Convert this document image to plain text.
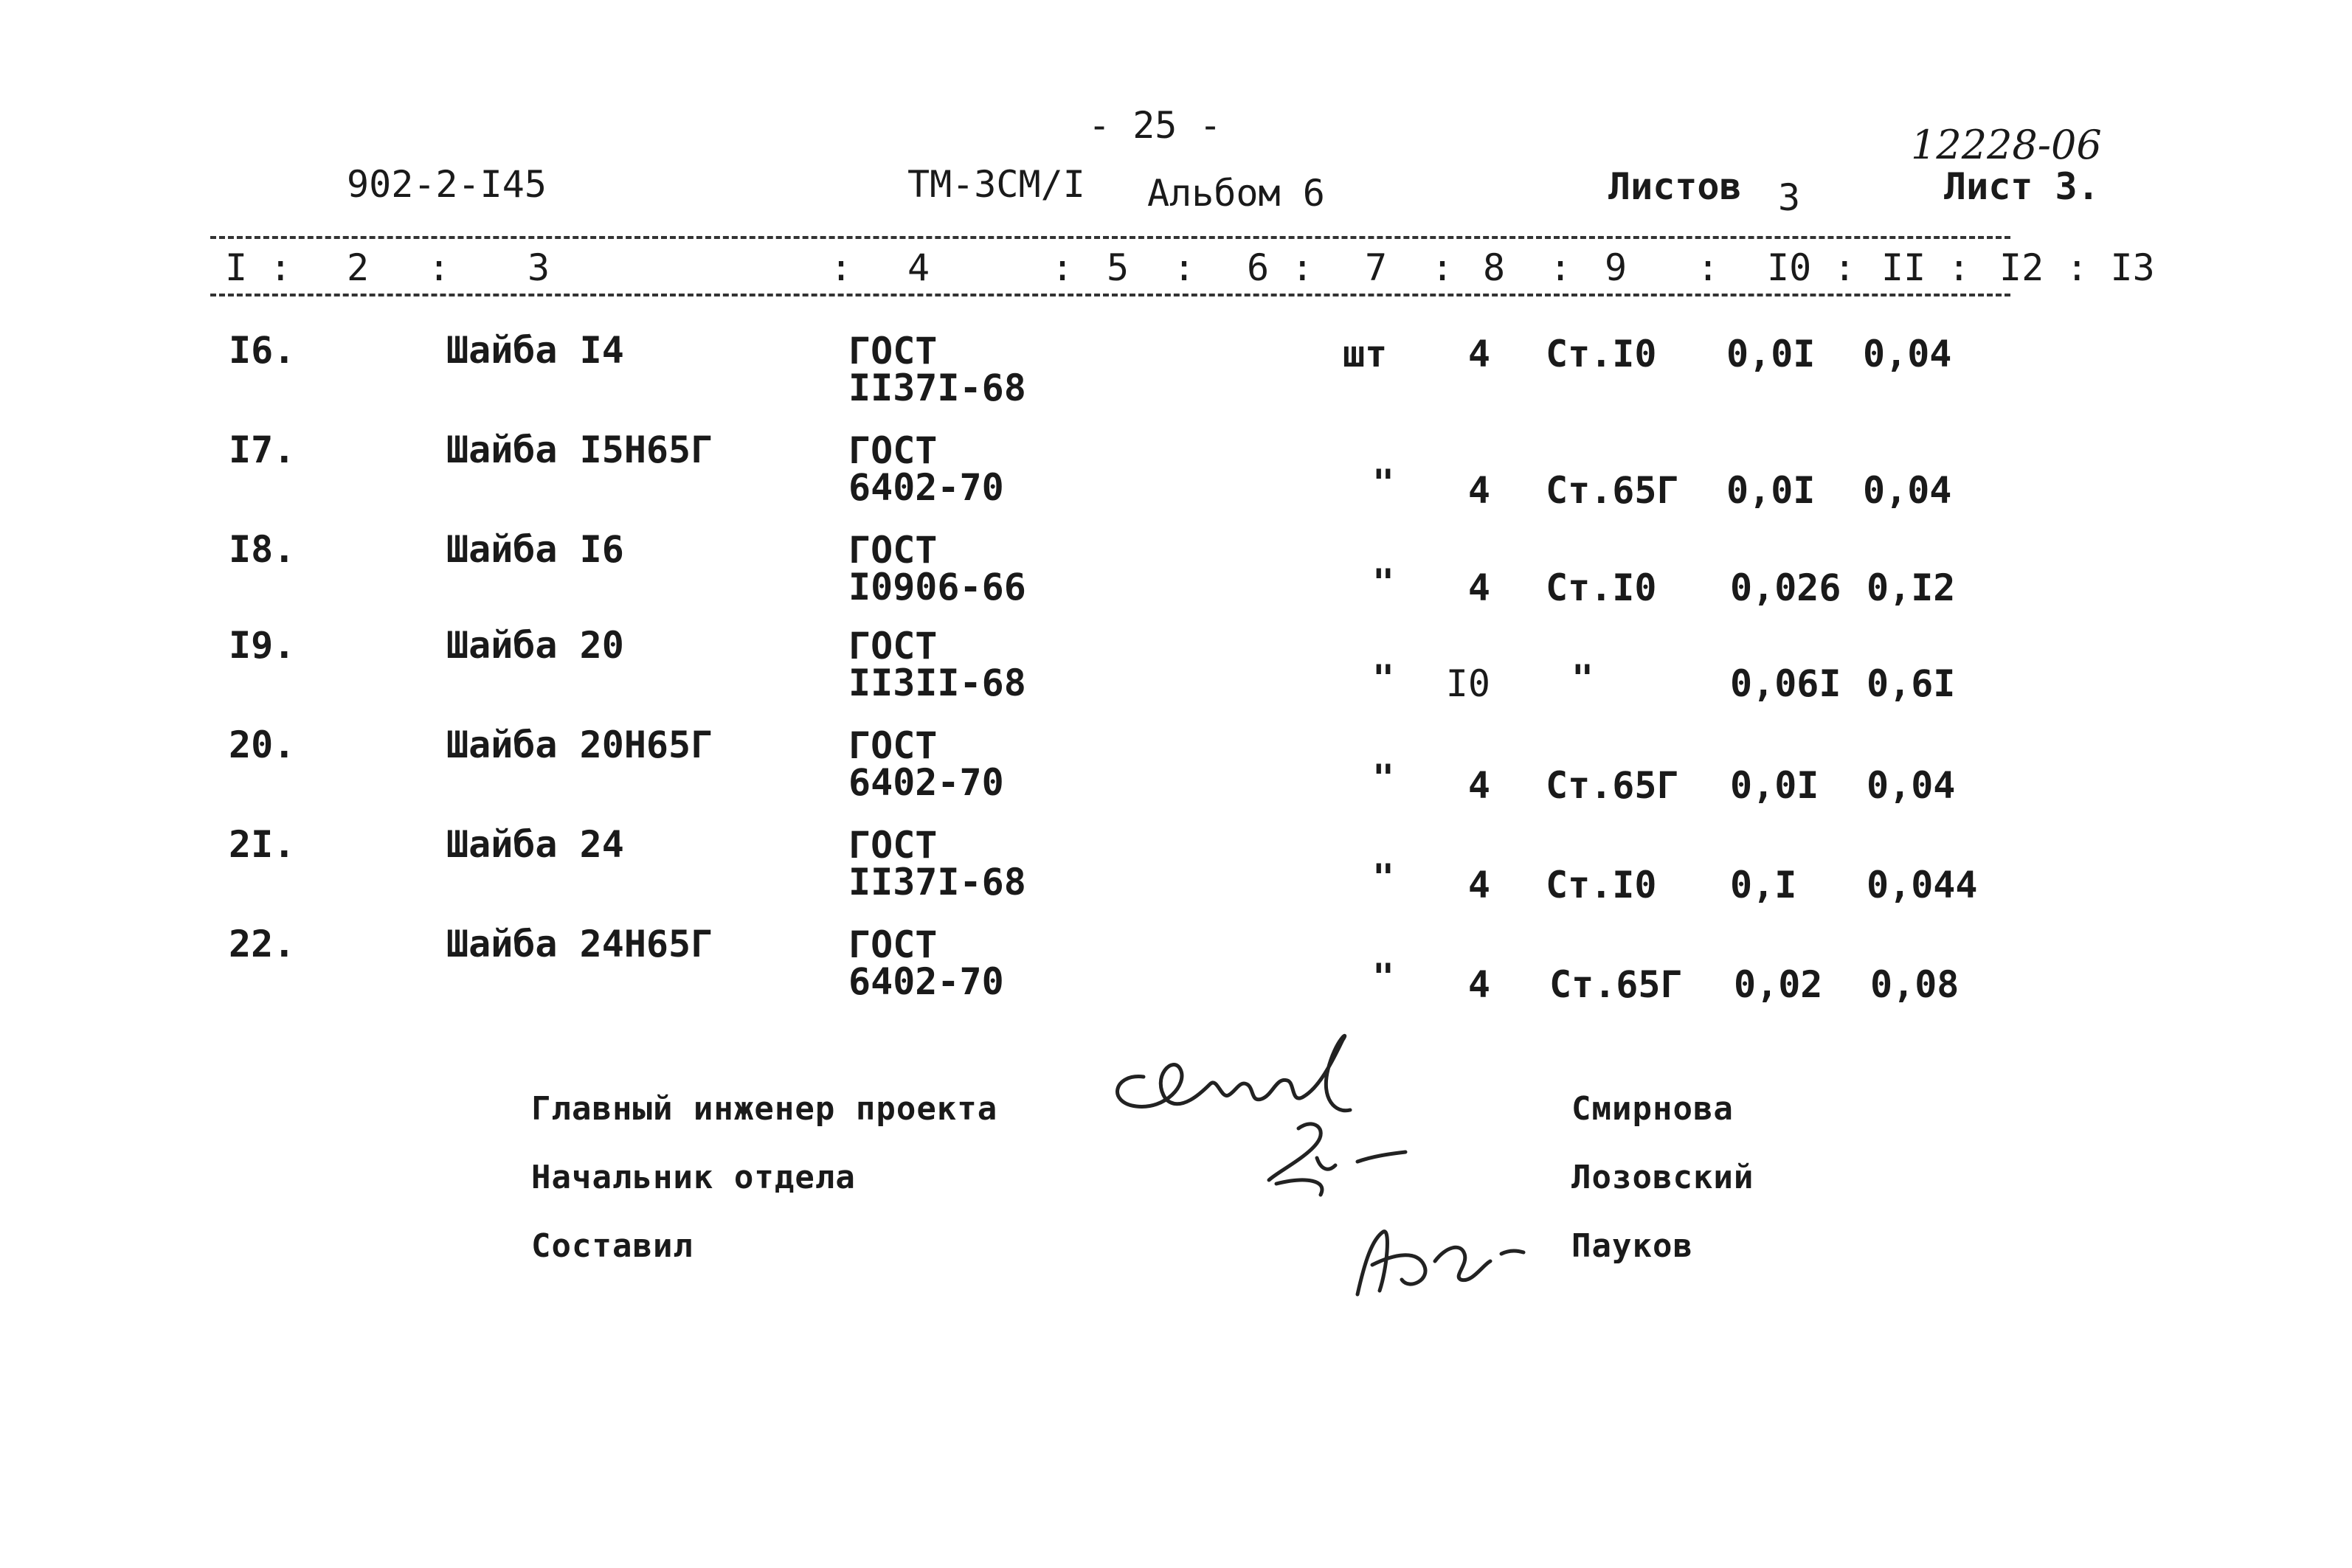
- 25 -
902-2-I45	ТМ-ЗСМ/I Альбом 6	Листов 3	Лист 3.
12228-06
I : 2 : 3	: 4	: 5 : 6 : 7 : 8 : 9 : I0 : II : I2 : I3
I6.	Шайба I4	ГОСТ
II37I-68
шт	4 Ст.I0 0,0I 0,04
I7.	Шайба I5Н65Г	ГОСТ
6402-70	"	4 Ст.65Г 0,0I 0,04
I8.	Шайба I6	ГОСТ
I0906-66	"	4 Ст.I0 0,026 0,I2
I9.	Шайба 20	ГОСТ
II3II-68	"	I0 "	0,06I 0,6I
20.	Шайба 20Н65Г	ГОСТ
6402-70	"	4 Ст.65Г 0,0I 0,04
2I.	Шайба 24	ГОСТ
II37I-68	"	4 Ст.I0 0,I 0,044
22.	Шайба 24Н65Г	ГОСТ
6402-70	"	4 Ст.65Г 0,02 0,08
Главный инженер проекта	Смирнова
Начальник отдела	Лозовский
Составил	Пауков
